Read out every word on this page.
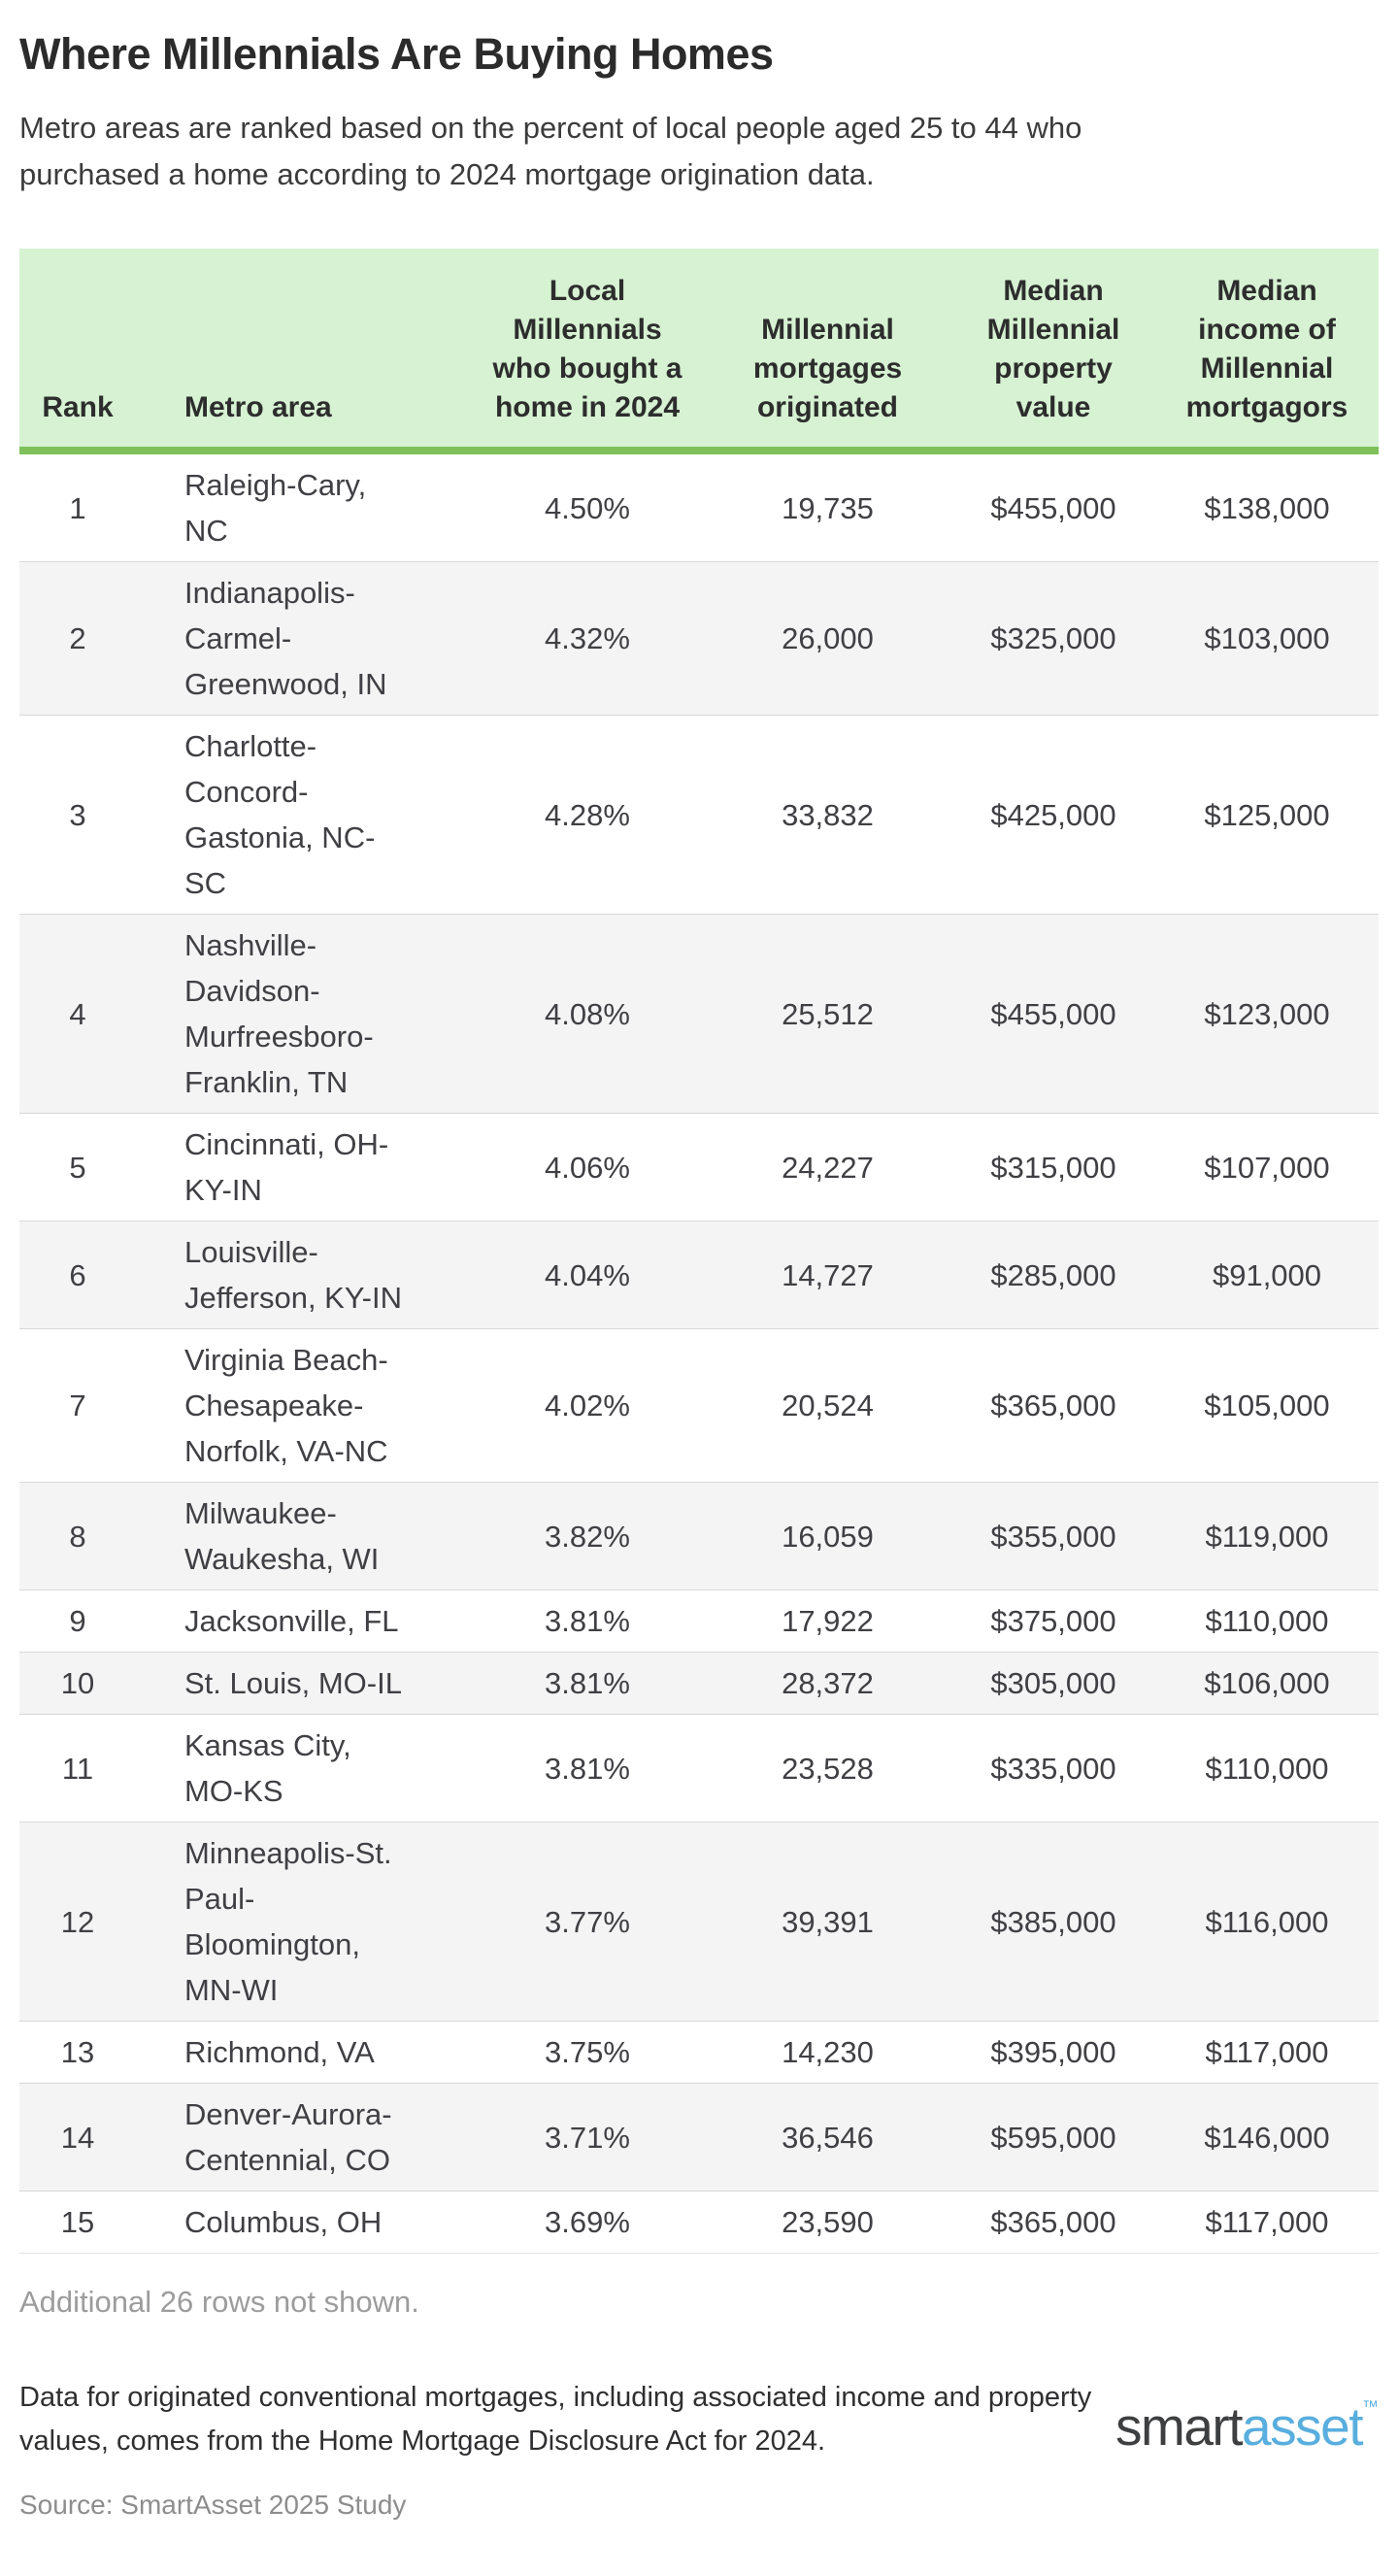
Where Millennials Are Buying Homes

Metro areas are ranked based on the percent of local people aged 25 to 44 who
purchased a home according to 2024 mortgage origination data.

Rank	Metro area	Local Millennials who bought a home in 2024	Millennial mortgages originated	Median Millennial property value	Median income of Millennial mortgagors
1	Raleigh-Cary, NC	4.50%	19,735	$455,000	$138,000
2	Indianapolis-Carmel-Greenwood, IN	4.32%	26,000	$325,000	$103,000
3	Charlotte-Concord-Gastonia, NC-SC	4.28%	33,832	$425,000	$125,000
4	Nashville-Davidson-Murfreesboro-Franklin, TN	4.08%	25,512	$455,000	$123,000
5	Cincinnati, OH-KY-IN	4.06%	24,227	$315,000	$107,000
6	Louisville-Jefferson, KY-IN	4.04%	14,727	$285,000	$91,000
7	Virginia Beach-Chesapeake-Norfolk, VA-NC	4.02%	20,524	$365,000	$105,000
8	Milwaukee-Waukesha, WI	3.82%	16,059	$355,000	$119,000
9	Jacksonville, FL	3.81%	17,922	$375,000	$110,000
10	St. Louis, MO-IL	3.81%	28,372	$305,000	$106,000
11	Kansas City, MO-KS	3.81%	23,528	$335,000	$110,000
12	Minneapolis-St. Paul-Bloomington, MN-WI	3.77%	39,391	$385,000	$116,000
13	Richmond, VA	3.75%	14,230	$395,000	$117,000
14	Denver-Aurora-Centennial, CO	3.71%	36,546	$595,000	$146,000
15	Columbus, OH	3.69%	23,590	$365,000	$117,000

Additional 26 rows not shown.

Data for originated conventional mortgages, including associated income and property
values, comes from the Home Mortgage Disclosure Act for 2024.	smartasset™

Source: SmartAsset 2025 Study
